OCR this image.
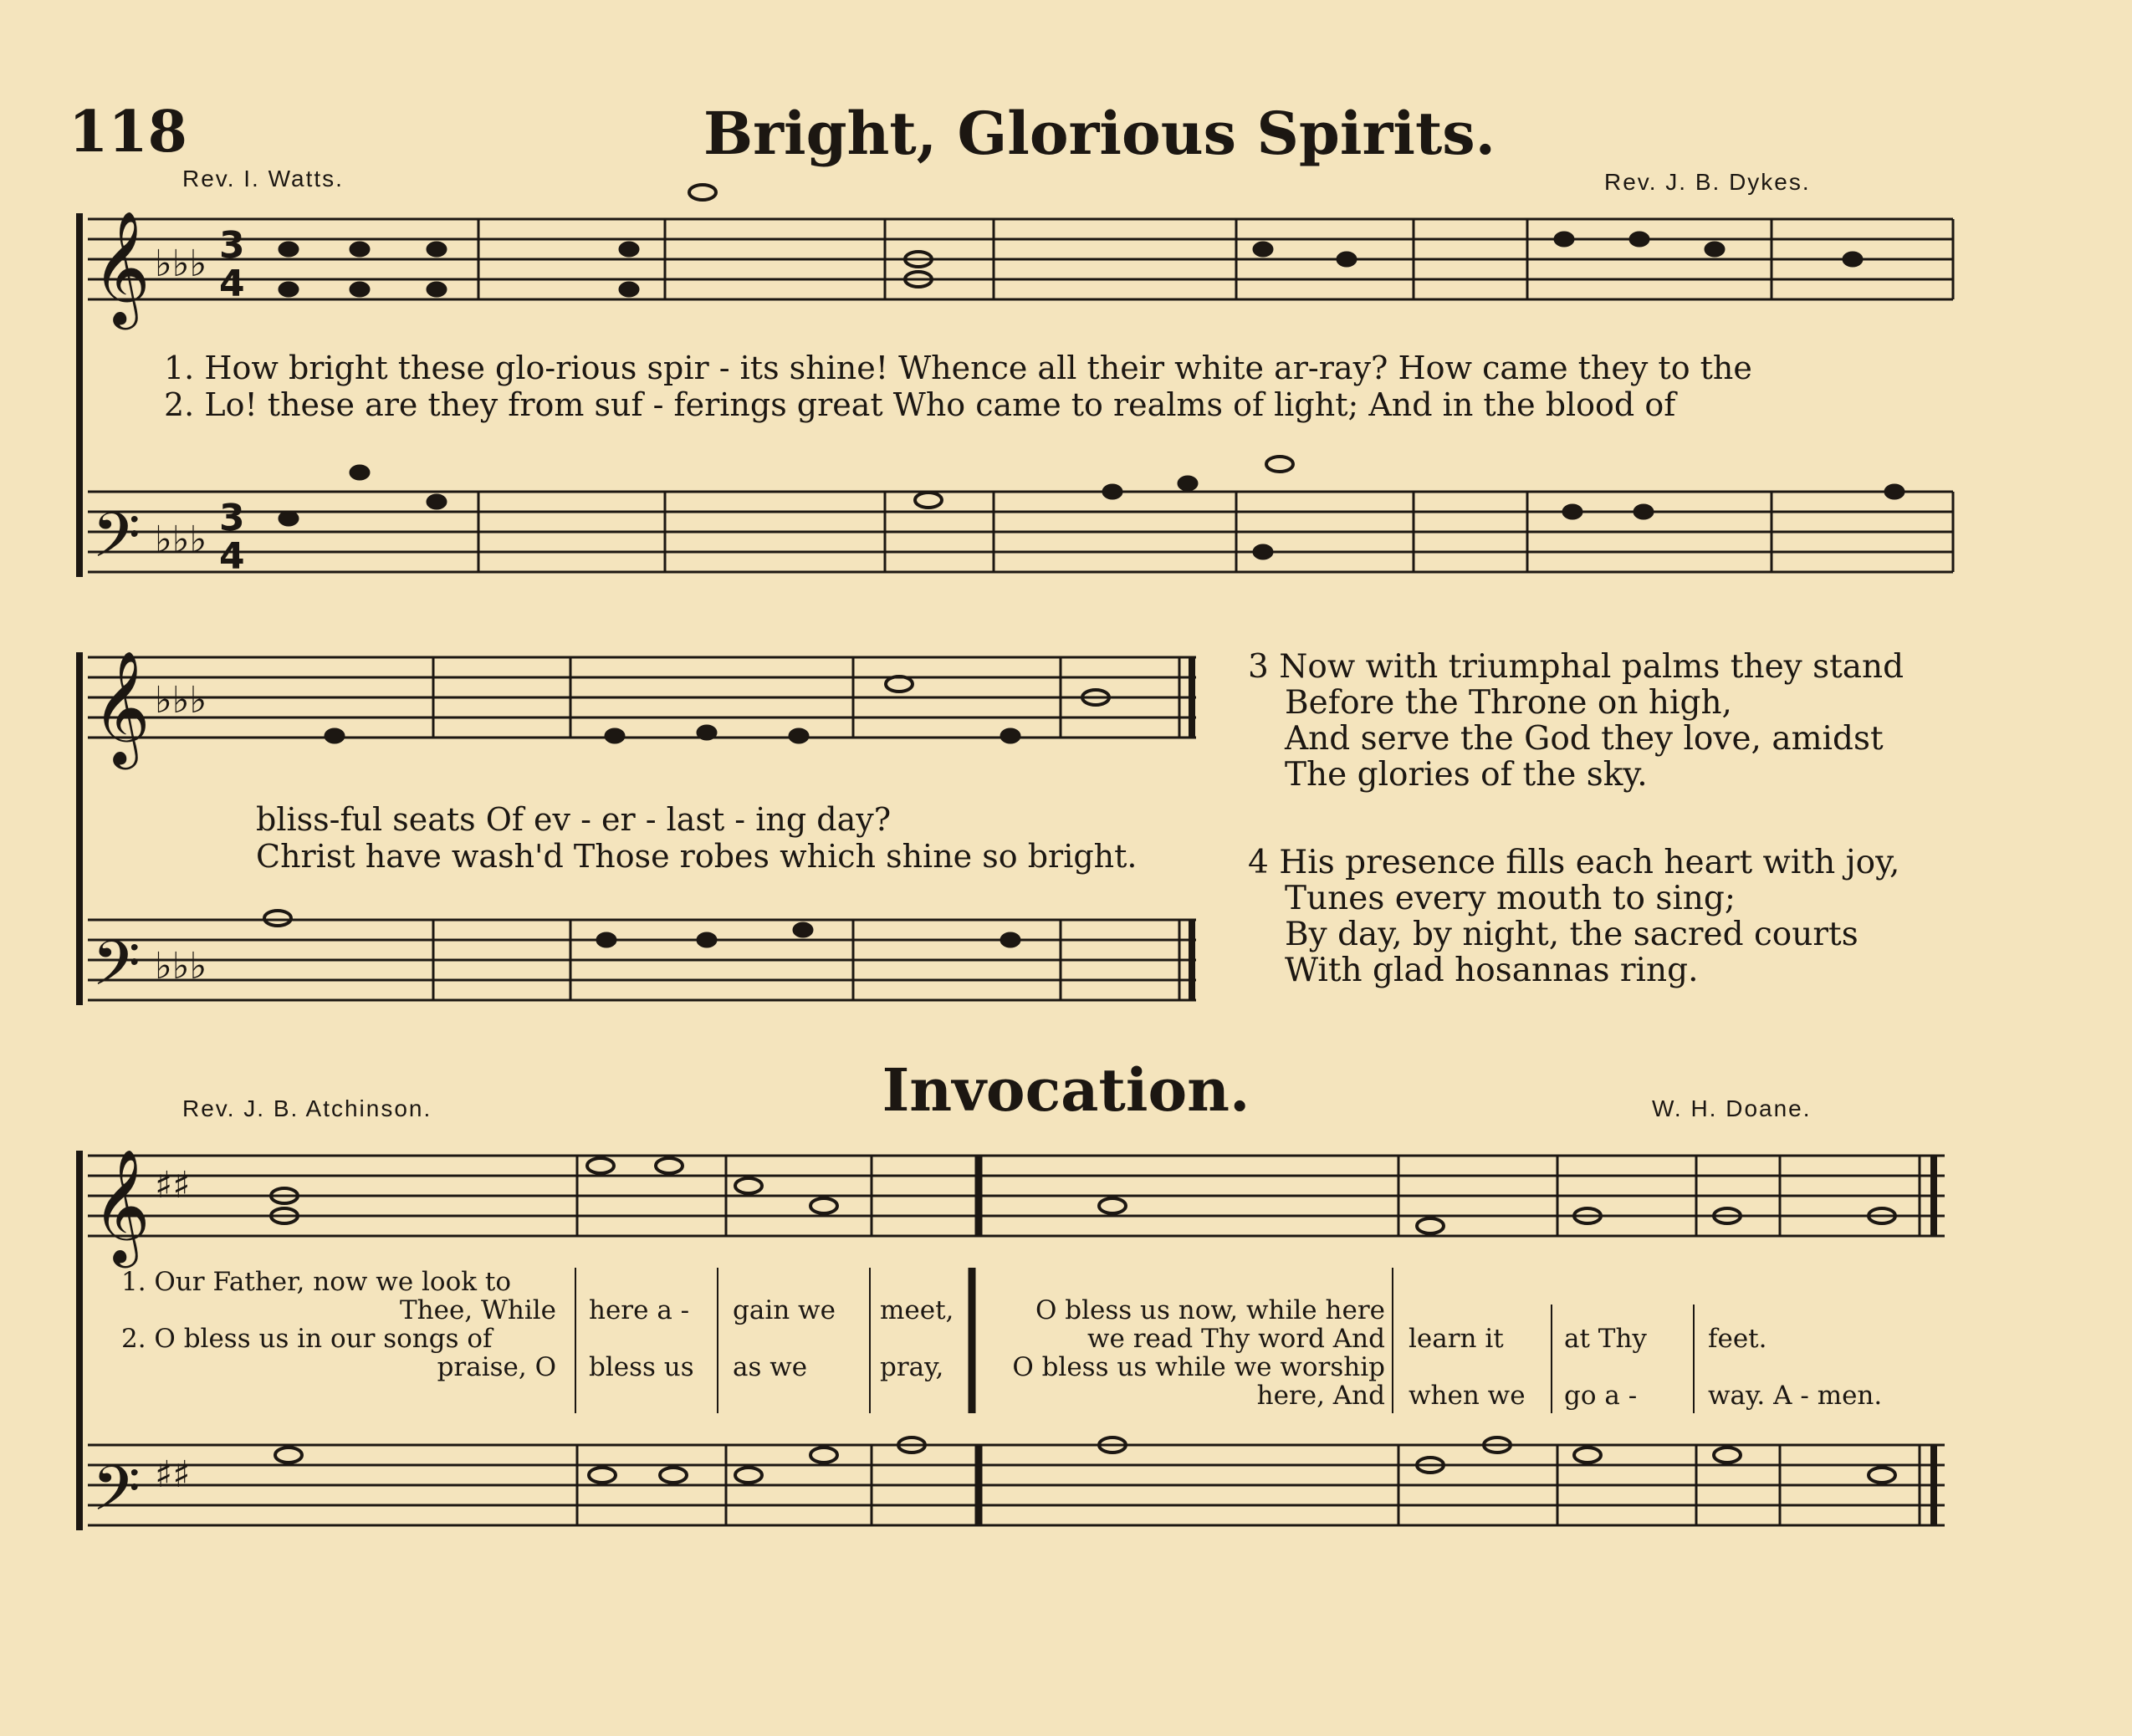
118	Bright, Glorious Spirits.
Rev. I. Watts.	Rev. J. B. Dykes.
𝄞
𝄢
𝄞
𝄢
𝄞
𝄢
♭♭♭
♭♭♭
♭♭♭
♭♭♭
♯♯
♯♯
3
4
3
4
1. How bright these glo-rious spir - its shine! Whence all their white ar-ray? How came they to the
2. Lo! these are they from suf - ferings great Who came to realms of light; And in the blood of
bliss-ful seats Of ev - er - last - ing day?
Christ have wash'd Those robes which shine so bright.
3 Now with triumphal palms they stand
Before the Throne on high,
And serve the God they love, amidst
The glories of the sky.
4 His presence fills each heart with joy,
Tunes every mouth to sing;
By day, by night, the sacred courts
With glad hosannas ring.
Invocation.
Rev. J. B. Atchinson.	W. H. Doane.
1. Our Father, now we look to
Thee, While
2. O bless us in our songs of
praise, O
here a -
bless us
gain we
as we
meet,
pray,
O bless us now, while here
we read Thy word And
O bless us while we worship
here, And
learn it
when we
at Thy
go a -
feet.
way. A - men.
